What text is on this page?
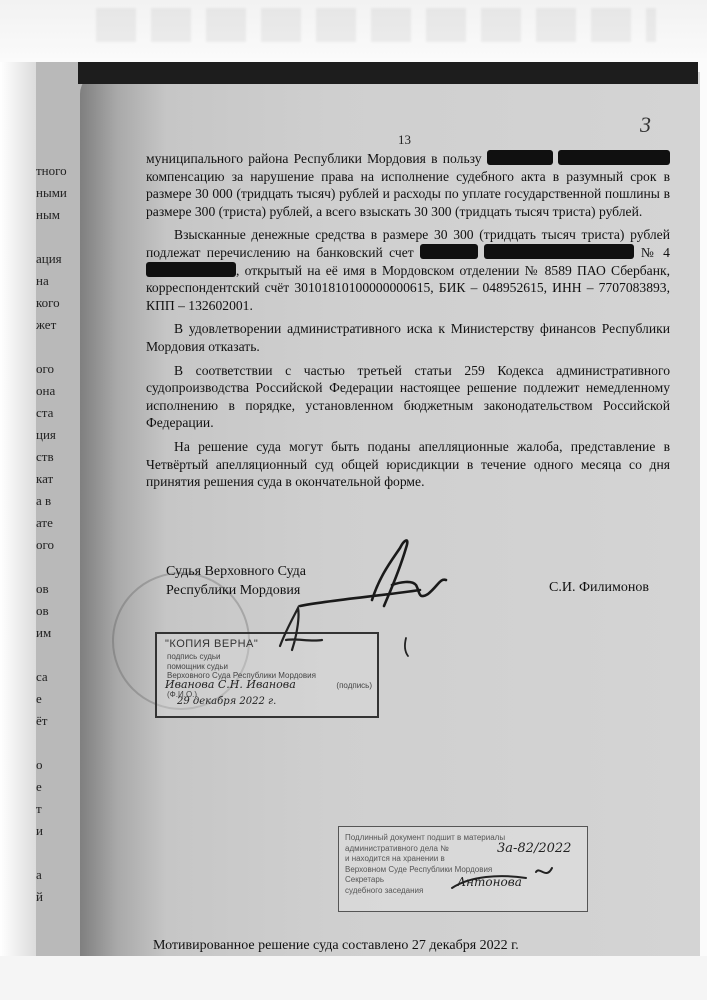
тного
ными
ным

ация
на
кого
жет

ого
она
ста
ция
ств
кат
а в
ате
ого

ов
ов
им

са
е
ёт

о
е
т
и

а
й
13
3

муниципального района Республики Мордовия в пользу   компенсацию за нарушение права на исполнение судебного акта в разумный срок в размере 30 000 (тридцать тысяч) рублей и расходы по уплате государственной пошлины в размере 300 (триста) рублей, а всего взыскать 30 300 (тридцать тысяч триста) рублей.

Взысканные денежные средства в размере 30 300 (тридцать тысяч триста) рублей подлежат перечислению на банковский счет	№ 4, открытый на её имя в Мордовском отделении № 8589 ПАО Сбербанк, корреспондентский счёт 30101810100000000615, БИК – 048952615, ИНН – 7707083893, КПП – 132602001.

В удовлетворении административного иска к Министерству финансов Республики Мордовия отказать.

В соответствии с частью третьей статьи 259 Кодекса административного судопроизводства Российской Федерации настоящее решение подлежит немедленному исполнению в порядке, установленном бюджетным законодательством Российской Федерации.

На решение суда могут быть поданы апелляционные жалоба, представление в Четвёртый апелляционный суд общей юрисдикции в течение одного месяца со дня принятия решения суда в окончательной форме.

Судья Верховного Суда
Республики Мордовия	С.И. Филимонов
"КОПИЯ ВЕРНА"
подпись судьи
помощник судьи
Верховного Суда Республики Мордовия
(подпись)
(Ф.И.О.)
Иванова С.Н. Иванова
29 декабря 2022 г.
Подлинный документ подшит в материалы
административного дела №
и находится на хранении в
Верховном Суде Республики Мордовия
Секретарь
судебного заседания
3а-82/2022
Антонова
Мотивированное решение суда составлено 27 декабря 2022 г.
